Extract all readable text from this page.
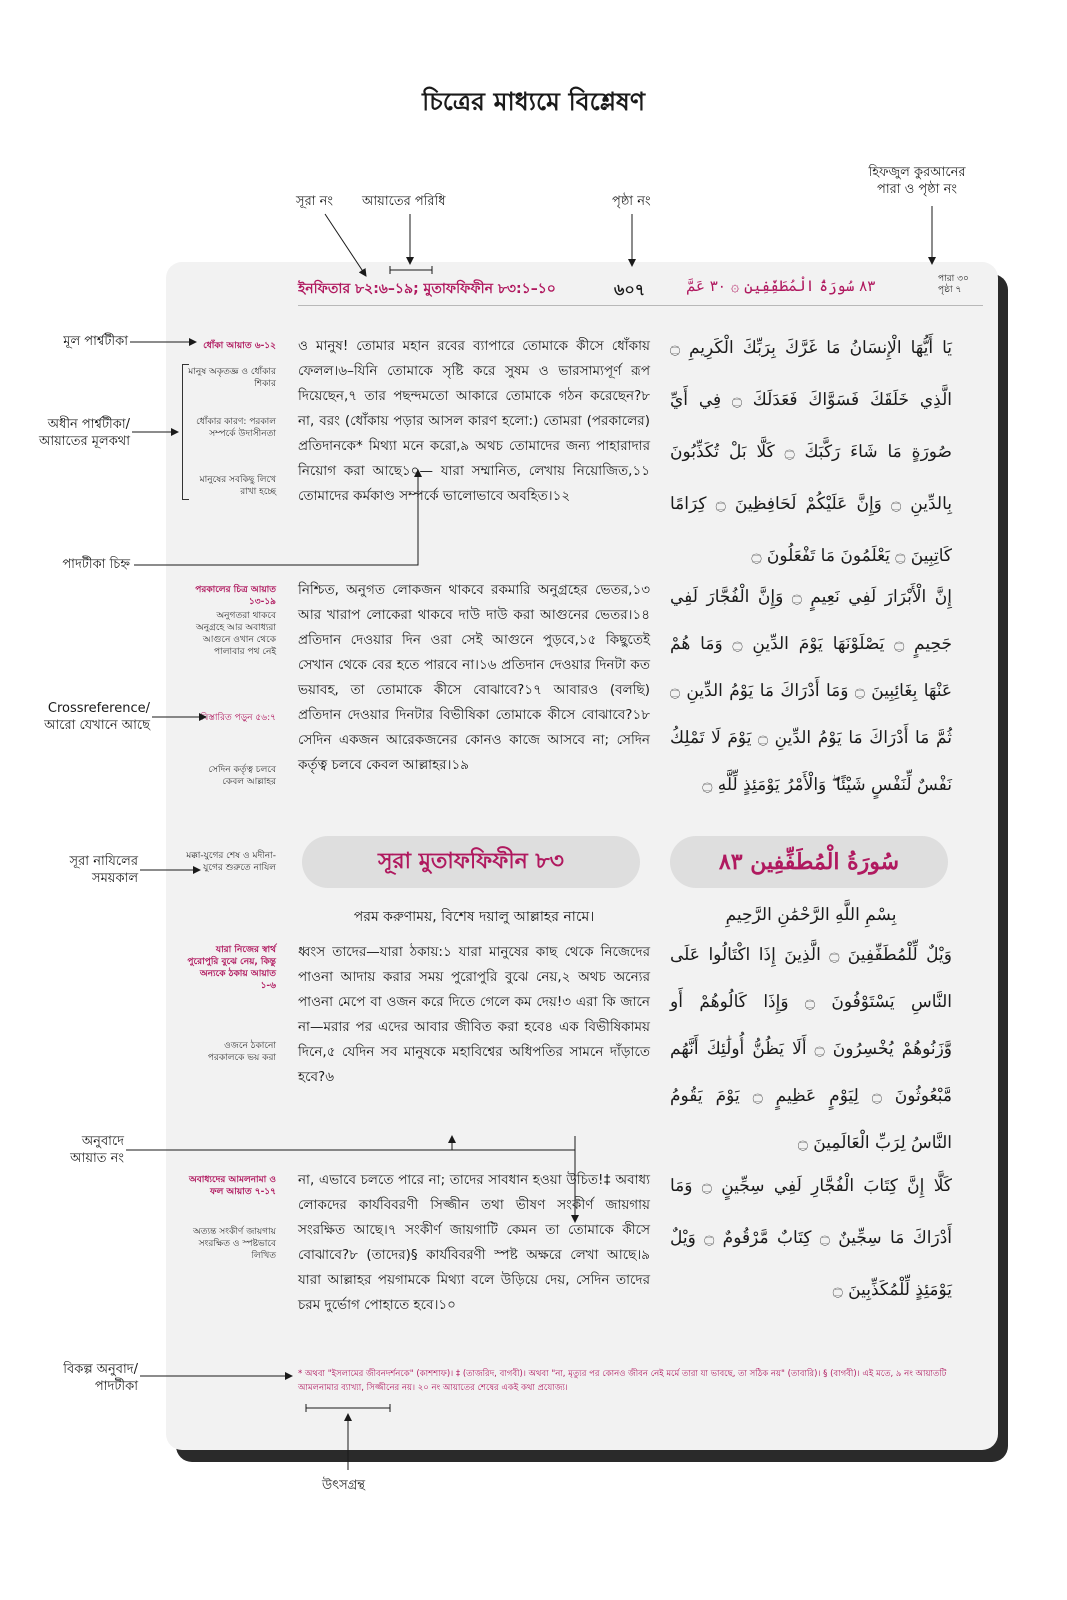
চিত্রের মাধ্যমে বিশ্লেষণ
সূরা নং আয়াতের পরিধি	পৃষ্ঠা নং
হিফজুল কুরআনের
পারা ও পৃষ্ঠা নং
মূল পার্শ্বটীকা
অধীন পার্শ্বটীকা/
আয়াতের মূলকথা
পাদটীকা চিহ্ন
Crossreference/
আরো যেখানে আছে
সূরা নাযিলের
সময়কাল
অনুবাদে
আয়াত নং
বিকল্প অনুবাদ/
পাদটীকা
উৎসগ্রন্থ
ইনফিতার ৮২:৬–১৯; মুতাফফিফীন ৮৩:১–১০	৬০৭	٨٣ سُورَةُ الْمُطَفِّفِين ۞ ٣٠ عَمَّ	পারা ৩০
পৃষ্ঠা ৭
ধোঁকা আয়াত ৬-১২
মানুষ অকৃতজ্ঞ ও ধোঁকার শিকার
ধোঁকার কারণ: পরকাল সম্পর্কে উদাসীনতা
মানুষের সবকিছু লিখে রাখা হচ্ছে
পরকালের চিত্র আয়াত ১৩-১৯
অনুগতরা থাকবে অনুগ্রহে আর অবাধ্যরা আগুনে ওখান থেকে পালাবার পথ নেই
বিস্তারিত পড়ুন ৫৬:৭
সেদিন কর্তৃত্ব চলবে কেবল আল্লাহর
মক্কা-যুগের শেষ ও মদীনা-যুগের শুরুতে নাযিল
যারা নিজের স্বার্থ পুরোপুরি বুঝে নেয়, কিন্তু অন্যকে ঠকায় আয়াত ১-৬
ওজনে ঠকানো পরকালকে ভয় করা
অবাধ্যদের আমলনামা ও ফল আয়াত ৭-১৭
অত্যন্ত সংকীর্ণ জায়গায় সংরক্ষিত ও স্পষ্টভাবে লিখিত
ও মানুষ! তোমার মহান রবের ব্যাপারে তোমাকে কীসে ধোঁকায় ফেলল।৬–যিনি তোমাকে সৃষ্টি করে সুষম ও ভারসাম্যপূর্ণ রূপ দিয়েছেন,৭ তার পছন্দমতো আকারে তোমাকে গঠন করেছেন?৮ না, বরং (ধোঁকায় পড়ার আসল কারণ হলো:) তোমরা (পরকালের) প্রতিদানকে* মিথ্যা মনে করো,৯ অথচ তোমাদের জন্য পাহারাদার নিয়োগ করা আছে১০— যারা সম্মানিত, লেখায় নিয়োজিত,১১ তোমাদের কর্মকাণ্ড সম্পর্কে ভালোভাবে অবহিত।১২
নিশ্চিত, অনুগত লোকজন থাকবে রকমারি অনুগ্রহের ভেতর,১৩ আর খারাপ লোকেরা থাকবে দাউ দাউ করা আগুনের ভেতর।১৪ প্রতিদান দেওয়ার দিন ওরা সেই আগুনে পুড়বে,১৫ কিছুতেই সেখান থেকে বের হতে পারবে না।১৬ প্রতিদান দেওয়ার দিনটা কত ভয়াবহ, তা তোমাকে কীসে বোঝাবে?১৭ আবারও (বলছি) প্রতিদান দেওয়ার দিনটার বিভীষিকা তোমাকে কীসে বোঝাবে?১৮ সেদিন একজন আরেকজনের কোনও কাজে আসবে না; সেদিন কর্তৃত্ব চলবে কেবল আল্লাহর।১৯
ধ্বংস তাদের—যারা ঠকায়:১ যারা মানুষের কাছ থেকে নিজেদের পাওনা আদায় করার সময় পুরোপুরি বুঝে নেয়,২ অথচ অন্যের পাওনা মেপে বা ওজন করে দিতে গেলে কম দেয়!৩ এরা কি জানে না—মরার পর এদের আবার জীবিত করা হবে৪ এক বিভীষিকাময় দিনে,৫ যেদিন সব মানুষকে মহাবিশ্বের অধিপতির সামনে দাঁড়াতে হবে?৬
না, এভাবে চলতে পারে না; তাদের সাবধান হওয়া উচিত!‡ অবাধ্য লোকদের কার্যবিবরণী সিজ্জীন তথা ভীষণ সংকীর্ণ জায়গায় সংরক্ষিত আছে।৭ সংকীর্ণ জায়গাটি কেমন তা তোমাকে কীসে বোঝাবে?৮ (তাদের)§ কার্যবিবরণী স্পষ্ট অক্ষরে লেখা আছে।৯ যারা আল্লাহর পয়গামকে মিথ্যা বলে উড়িয়ে দেয়, সেদিন তাদের চরম দুর্ভোগ পোহাতে হবে।১০
يَا أَيُّهَا الْإِنسَانُ مَا غَرَّكَ بِرَبِّكَ الْكَرِيمِ ۝ الَّذِي خَلَقَكَ فَسَوَّاكَ فَعَدَلَكَ ۝ فِي أَيِّ صُورَةٍ مَا شَاءَ رَكَّبَكَ ۝ كَلَّا بَلْ تُكَذِّبُونَ بِالدِّينِ ۝ وَإِنَّ عَلَيْكُمْ لَحَافِظِينَ ۝ كِرَامًا كَاتِبِينَ ۝ يَعْلَمُونَ مَا تَفْعَلُونَ ۝
إِنَّ الْأَبْرَارَ لَفِي نَعِيمٍ ۝ وَإِنَّ الْفُجَّارَ لَفِي جَحِيمٍ ۝ يَصْلَوْنَهَا يَوْمَ الدِّينِ ۝ وَمَا هُمْ عَنْهَا بِغَائِبِينَ ۝ وَمَا أَدْرَاكَ مَا يَوْمُ الدِّينِ ۝ ثُمَّ مَا أَدْرَاكَ مَا يَوْمُ الدِّينِ ۝ يَوْمَ لَا تَمْلِكُ نَفْسٌ لِّنَفْسٍ شَيْئًا ۖ وَالْأَمْرُ يَوْمَئِذٍ لِّلَّهِ ۝
وَيْلٌ لِّلْمُطَفِّفِينَ ۝ الَّذِينَ إِذَا اكْتَالُوا عَلَى النَّاسِ يَسْتَوْفُونَ ۝ وَإِذَا كَالُوهُمْ أَو وَّزَنُوهُمْ يُخْسِرُونَ ۝ أَلَا يَظُنُّ أُولَٰئِكَ أَنَّهُم مَّبْعُوثُونَ ۝ لِيَوْمٍ عَظِيمٍ ۝ يَوْمَ يَقُومُ النَّاسُ لِرَبِّ الْعَالَمِينَ ۝
كَلَّا إِنَّ كِتَابَ الْفُجَّارِ لَفِي سِجِّينٍ ۝ وَمَا أَدْرَاكَ مَا سِجِّينٌ ۝ كِتَابٌ مَّرْقُومٌ ۝ وَيْلٌ يَوْمَئِذٍ لِّلْمُكَذِّبِينَ ۝
সূরা মুতাফফিফীন ৮৩	سُورَةُ الْمُطَفِّفِين ٨٣
পরম করুণাময়, বিশেষ দয়ালু আল্লাহর নামে।	بِسْمِ اللَّهِ الرَّحْمَٰنِ الرَّحِيمِ
* অথবা "ইসলামের জীবনদর্শনকে" (কাশশাফ)। ‡ (তাজরিদ, বাগবী)। অথবা "না, মৃত্যুর পর কোনও জীবন নেই মর্মে তারা যা ভাবছে, তা সঠিক নয়" (তাবারি)। § (বাগবী)। এই মতে, ৯ নং আয়াতটি আমলনামার ব্যাখ্যা, সিজ্জীনের নয়। ২০ নং আয়াতের শেষের একই কথা প্রযোজ্য।
